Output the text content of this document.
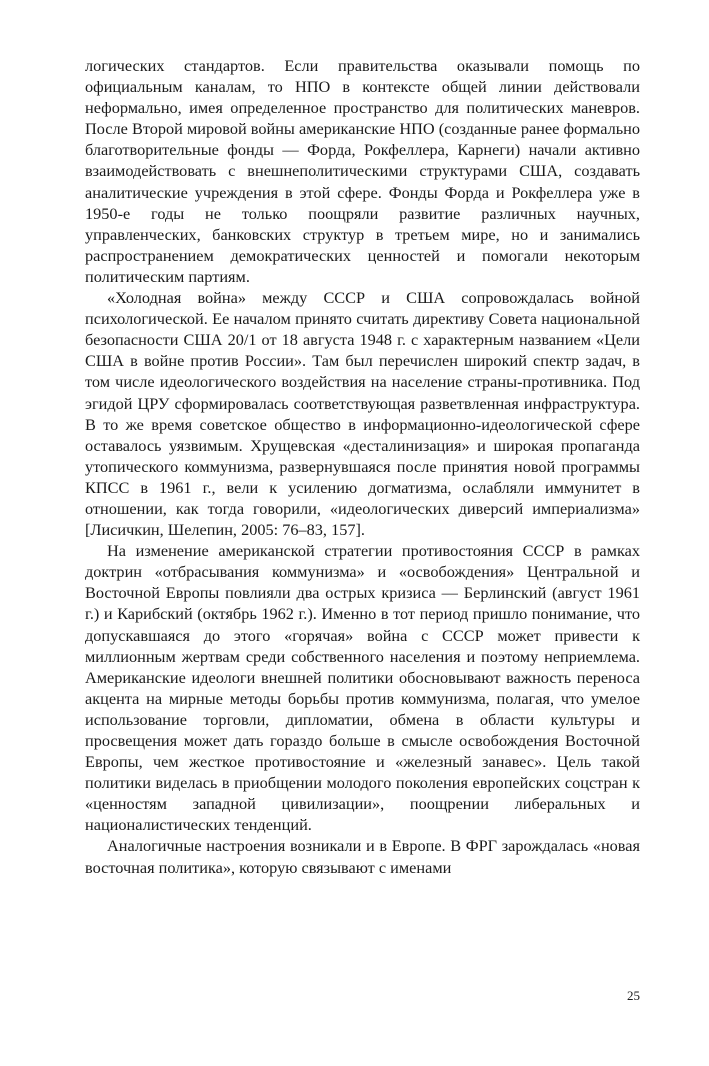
логических стандартов. Если правительства оказывали помощь по официальным каналам, то НПО в контексте общей линии действовали неформально, имея определенное пространство для политических маневров. После Второй мировой войны американские НПО (созданные ранее формально благотворительные фонды — Форда, Рокфеллера, Карнеги) начали активно взаимодействовать с внешнеполитическими структурами США, создавать аналитические учреждения в этой сфере. Фонды Форда и Рокфеллера уже в 1950-е годы не только поощряли развитие различных научных, управленческих, банковских структур в третьем мире, но и занимались распространением демократических ценностей и помогали некоторым политическим партиям.

«Холодная война» между СССР и США сопровождалась войной психологической. Ее началом принято считать директиву Совета национальной безопасности США 20/1 от 18 августа 1948 г. с характерным названием «Цели США в войне против России». Там был перечислен широкий спектр задач, в том числе идеологического воздействия на население страны-противника. Под эгидой ЦРУ сформировалась соответствующая разветвленная инфраструктура. В то же время советское общество в информационно-идеологической сфере оставалось уязвимым. Хрущевская «десталинизация» и широкая пропаганда утопического коммунизма, развернувшаяся после принятия новой программы КПСС в 1961 г., вели к усилению догматизма, ослабляли иммунитет в отношении, как тогда говорили, «идеологических диверсий империализма» [Лисичкин, Шелепин, 2005: 76–83, 157].

На изменение американской стратегии противостояния СССР в рамках доктрин «отбрасывания коммунизма» и «освобождения» Центральной и Восточной Европы повлияли два острых кризиса — Берлинский (август 1961 г.) и Карибский (октябрь 1962 г.). Именно в тот период пришло понимание, что допускавшаяся до этого «горячая» война с СССР может привести к миллионным жертвам среди собственного населения и поэтому неприемлема. Американские идеологи внешней политики обосновывают важность переноса акцента на мирные методы борьбы против коммунизма, полагая, что умелое использование торговли, дипломатии, обмена в области культуры и просвещения может дать гораздо больше в смысле освобождения Восточной Европы, чем жесткое противостояние и «железный занавес». Цель такой политики виделась в приобщении молодого поколения европейских соцстран к «ценностям западной цивилизации», поощрении либеральных и националистических тенденций.

Аналогичные настроения возникали и в Европе. В ФРГ зарождалась «новая восточная политика», которую связывают с именами

25
